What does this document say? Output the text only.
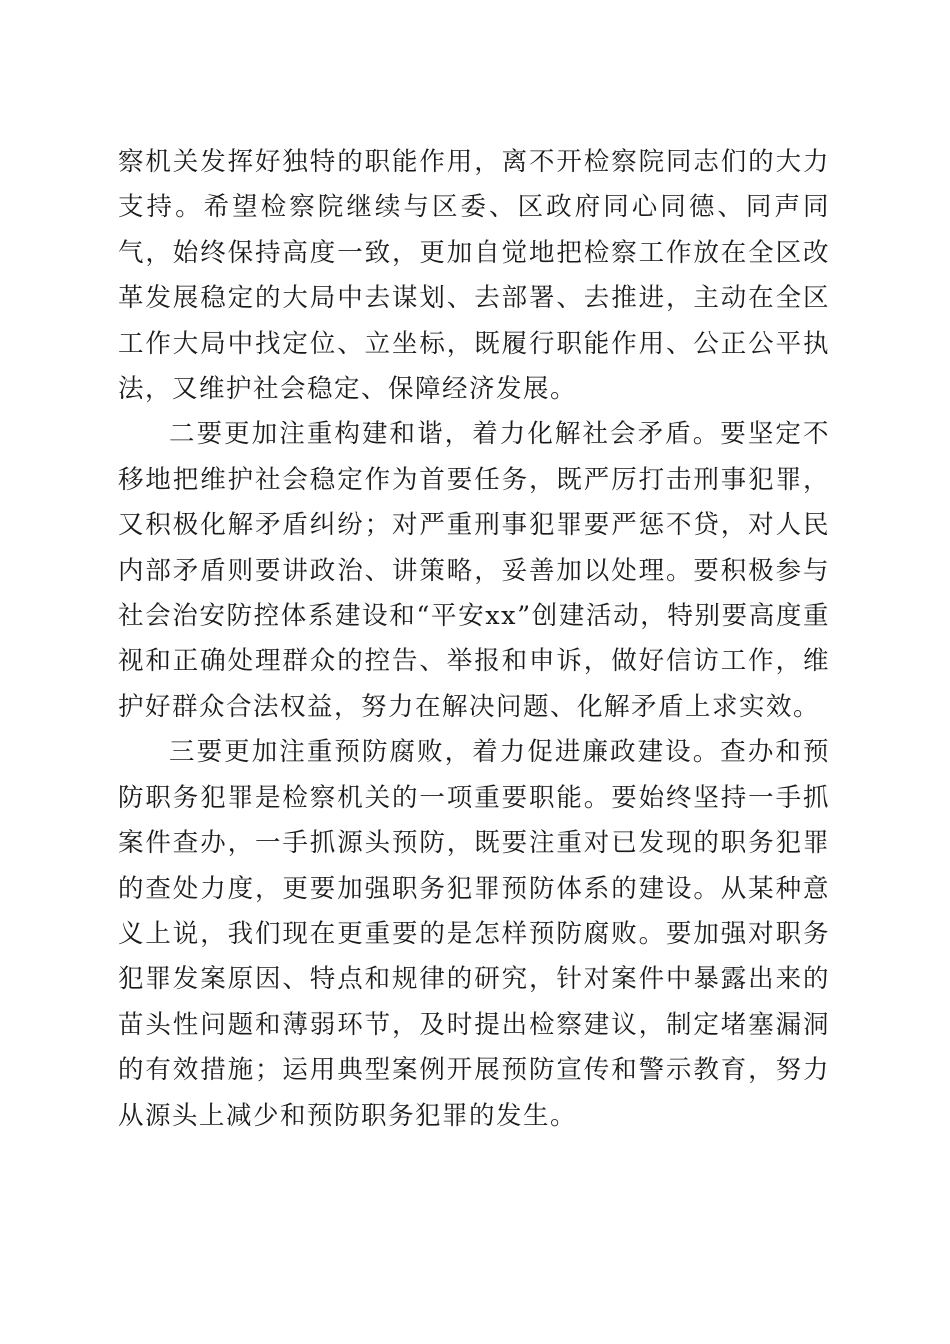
察机关发挥好独特的职能作用，离不开检察院同志们的大力支持。希望检察院继续与区委、区政府同心同德、同声同气，始终保持高度一致，更加自觉地把检察工作放在全区改革发展稳定的大局中去谋划、去部署、去推进，主动在全区工作大局中找定位、立坐标，既履行职能作用、公正公平执法，又维护社会稳定、保障经济发展。

二要更加注重构建和谐，着力化解社会矛盾。要坚定不移地把维护社会稳定作为首要任务，既严厉打击刑事犯罪，又积极化解矛盾纠纷；对严重刑事犯罪要严惩不贷，对人民内部矛盾则要讲政治、讲策略，妥善加以处理。要积极参与社会治安防控体系建设和“平安xx”创建活动，特别要高度重视和正确处理群众的控告、举报和申诉，做好信访工作，维护好群众合法权益，努力在解决问题、化解矛盾上求实效。

三要更加注重预防腐败，着力促进廉政建设。查办和预防职务犯罪是检察机关的一项重要职能。要始终坚持一手抓案件查办，一手抓源头预防，既要注重对已发现的职务犯罪的查处力度，更要加强职务犯罪预防体系的建设。从某种意义上说，我们现在更重要的是怎样预防腐败。要加强对职务犯罪发案原因、特点和规律的研究，针对案件中暴露出来的苗头性问题和薄弱环节，及时提出检察建议，制定堵塞漏洞的有效措施；运用典型案例开展预防宣传和警示教育，努力从源头上减少和预防职务犯罪的发生。
